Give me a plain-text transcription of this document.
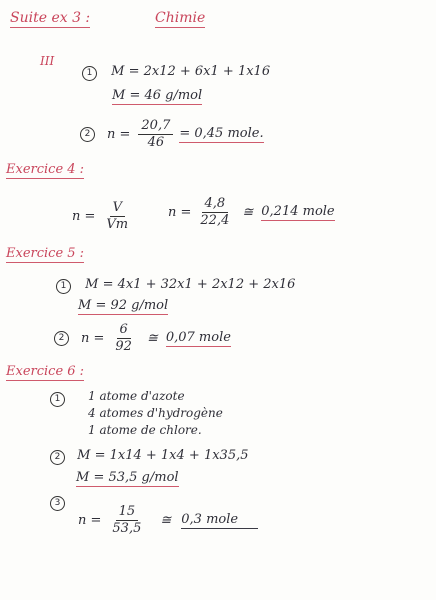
Suite ex 3 :	Chimie
III
1 M = 2x12 + 6x1 + 1x16
M = 46 g/mol
2	$n = \frac{20,7}{46} = 0,45$ mole.
Exercice 4 :
$n = \frac{V}{Vm}$	$n = \frac{4,8}{22,4}$ ≅ 0,214 mole
Exercice 5 :
1 M = 4x1 + 32x1 + 2x12 + 2x16
M = 92 g/mol
2	$n = \frac{6}{92}$ ≅ 0,07 mole
Exercice 6 :
1	1 atome d'azote
4 atomes d'hydrogène
1 atome de chlore.
2 M = 1x14 + 1x4 + 1x35,5
M = 53,5 g/mol
3
$n = \frac{15}{53,5}$ ≅ 0,3 mole
